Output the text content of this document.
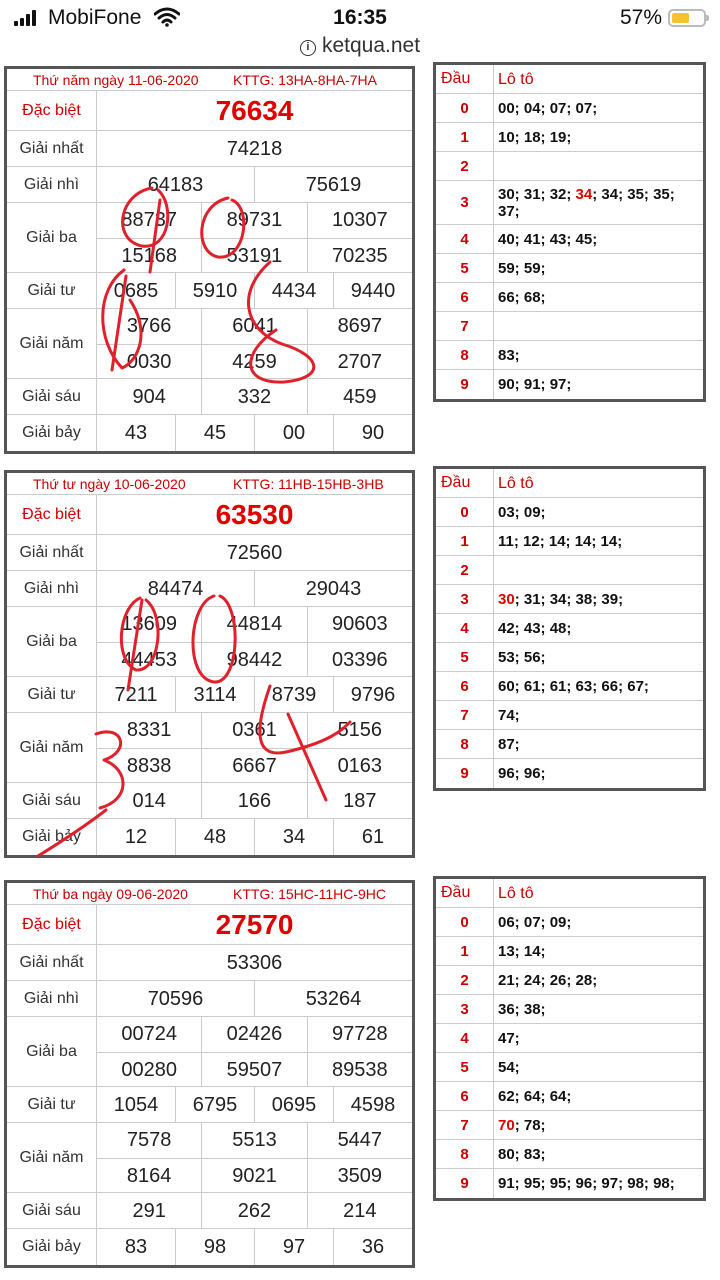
MobiFone	16:35	57%
i ketqua.net
Thứ năm ngày 11-06-2020 KTTG: 13HA-8HA-7HA
Đặc biệt	76634
Giải nhất	74218
Giải nhì	64183	75619
Giải ba
88737	89731	10307
15168	53191	70235
Giải tư	0685	5910	4434	9440
Giải năm
3766	6041	8697
0030	4259	2707
Giải sáu	904	332	459
Giải bảy	43	45	00	90
Đầu	Lô tô
0	00; 04; 07; 07;
1	10; 18; 19;
2
3	30; 31; 32; 34; 34; 35; 35; 37;
4	40; 41; 43; 45;
5	59; 59;
6	66; 68;
7
8	83;
9	90; 91; 97;
Thứ tư ngày 10-06-2020	KTTG: 11HB-15HB-3HB
Đặc biệt	63530
Giải nhất	72560
Giải nhì	84474	29043
Giải ba
13609	44814	90603
44453	98442	03396
Giải tư	7211	3114	8739	9796
Giải năm
8331	0361	5156
8838	6667	0163
Giải sáu	014	166	187
Giải bảy	12	48	34	61
Đầu	Lô tô
0	03; 09;
1	11; 12; 14; 14; 14;
2
3	30; 31; 34; 38; 39;
4	42; 43; 48;
5	53; 56;
6	60; 61; 61; 63; 66; 67;
7	74;
8	87;
9	96; 96;
Thứ ba ngày 09-06-2020	KTTG: 15HC-11HC-9HC
Đặc biệt	27570
Giải nhất	53306
Giải nhì	70596	53264
Giải ba
00724	02426	97728
00280	59507	89538
Giải tư	1054	6795	0695	4598
Giải năm
7578	5513	5447
8164	9021	3509
Giải sáu	291	262	214
Giải bảy	83	98	97	36
Đầu	Lô tô
0	06; 07; 09;
1	13; 14;
2	21; 24; 26; 28;
3	36; 38;
4	47;
5	54;
6	62; 64; 64;
7	70; 78;
8	80; 83;
9	91; 95; 95; 96; 97; 98; 98;
